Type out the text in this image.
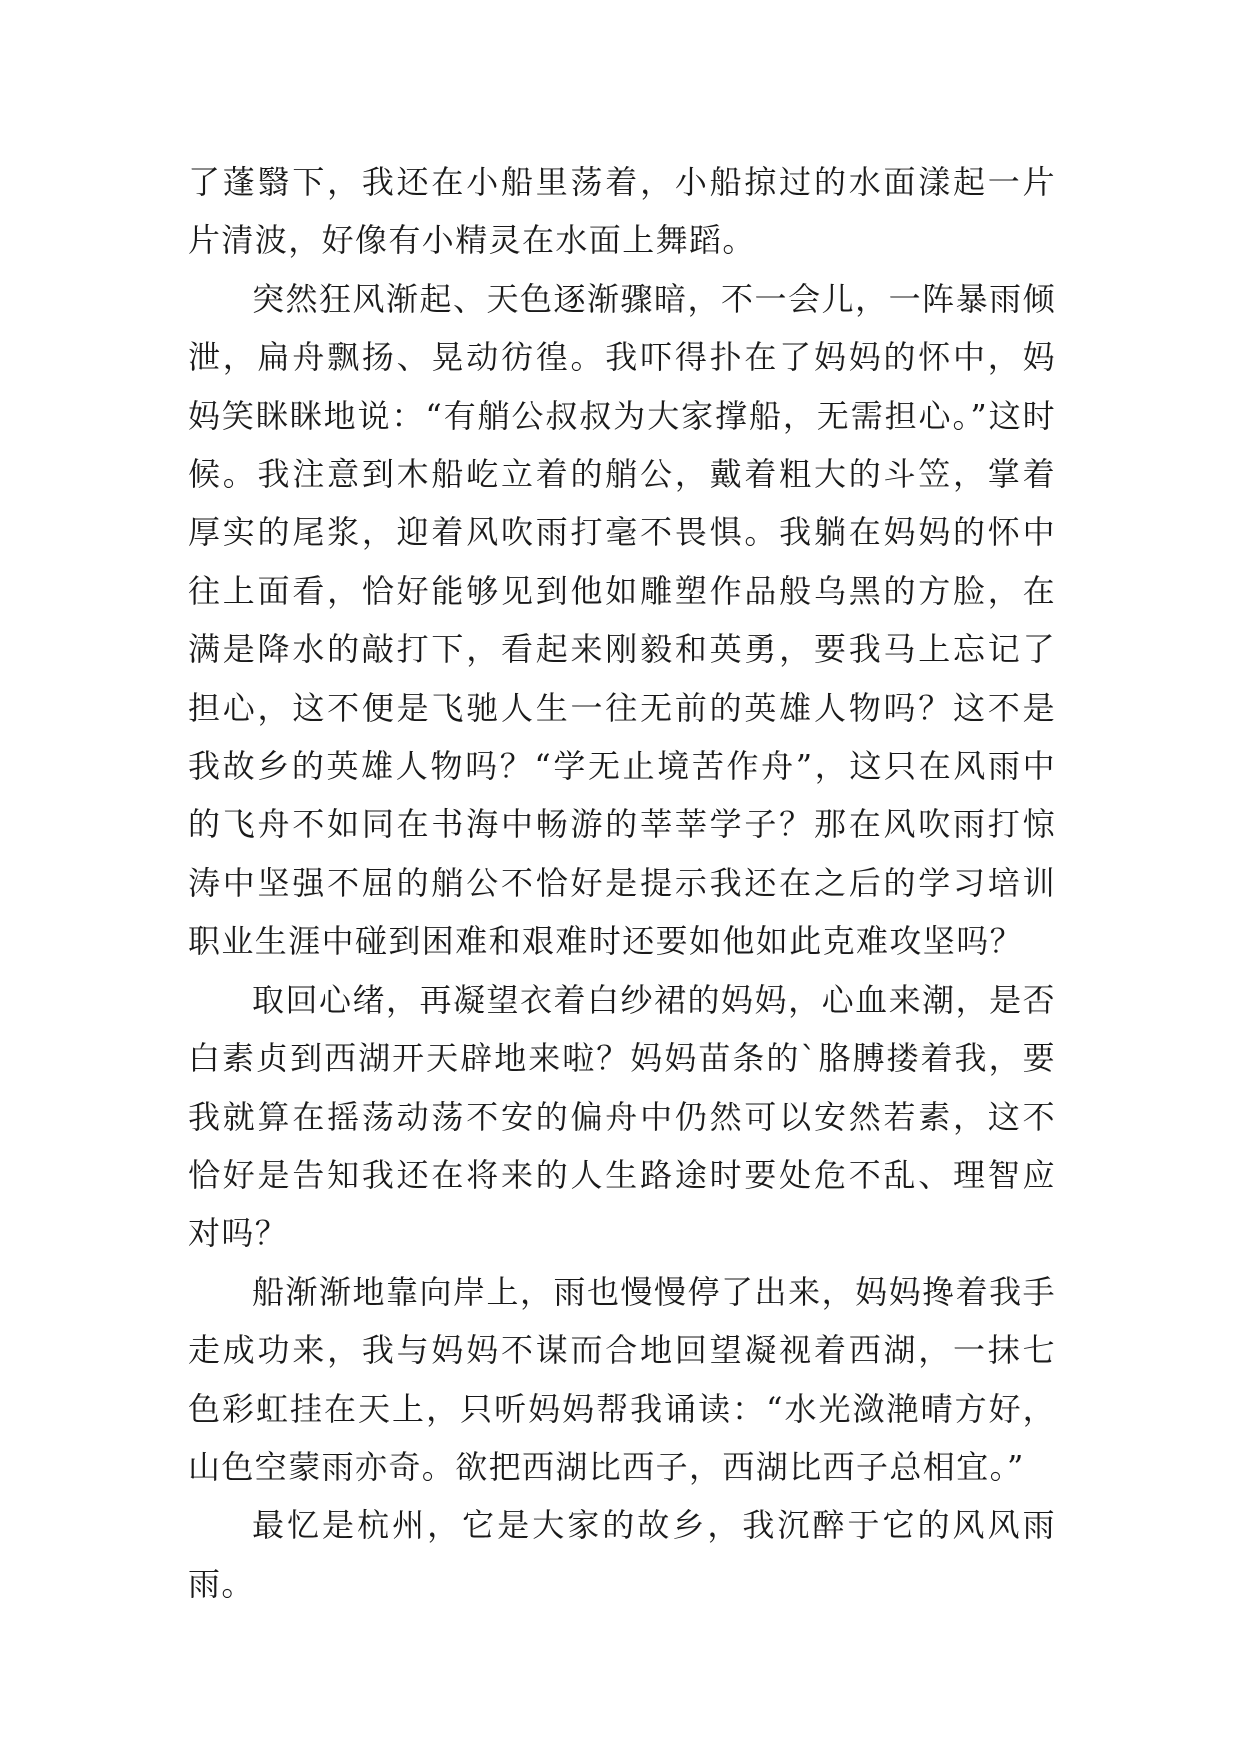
了蓬翳下，我还在小船里荡着，小船掠过的水面漾起一片片清波，好像有小精灵在水面上舞蹈。

突然狂风渐起、天色逐渐骤暗，不一会儿，一阵暴雨倾泄，扁舟飘扬、晃动彷徨。我吓得扑在了妈妈的怀中，妈妈笑眯眯地说：“有艄公叔叔为大家撑船，无需担心。”这时候。我注意到木船屹立着的艄公，戴着粗大的斗笠，掌着厚实的尾浆，迎着风吹雨打毫不畏惧。我躺在妈妈的怀中往上面看，恰好能够见到他如雕塑作品般乌黑的方脸，在满是降水的敲打下，看起来刚毅和英勇，要我马上忘记了担心，这不便是飞驰人生一往无前的英雄人物吗？这不是我故乡的英雄人物吗？“学无止境苦作舟”，这只在风雨中的飞舟不如同在书海中畅游的莘莘学子？那在风吹雨打惊涛中坚强不屈的艄公不恰好是提示我还在之后的学习培训职业生涯中碰到困难和艰难时还要如他如此克难攻坚吗？

取回心绪，再凝望衣着白纱裙的妈妈，心血来潮，是否白素贞到西湖开天辟地来啦？妈妈苗条的`胳膊搂着我，要我就算在摇荡动荡不安的偏舟中仍然可以安然若素，这不恰好是告知我还在将来的人生路途时要处危不乱、理智应对吗？

船渐渐地靠向岸上，雨也慢慢停了出来，妈妈搀着我手走成功来，我与妈妈不谋而合地回望凝视着西湖，一抹七色彩虹挂在天上，只听妈妈帮我诵读：“水光潋滟晴方好，山色空蒙雨亦奇。欲把西湖比西子，西湖比西子总相宜。”

最忆是杭州，它是大家的故乡，我沉醉于它的风风雨雨。
